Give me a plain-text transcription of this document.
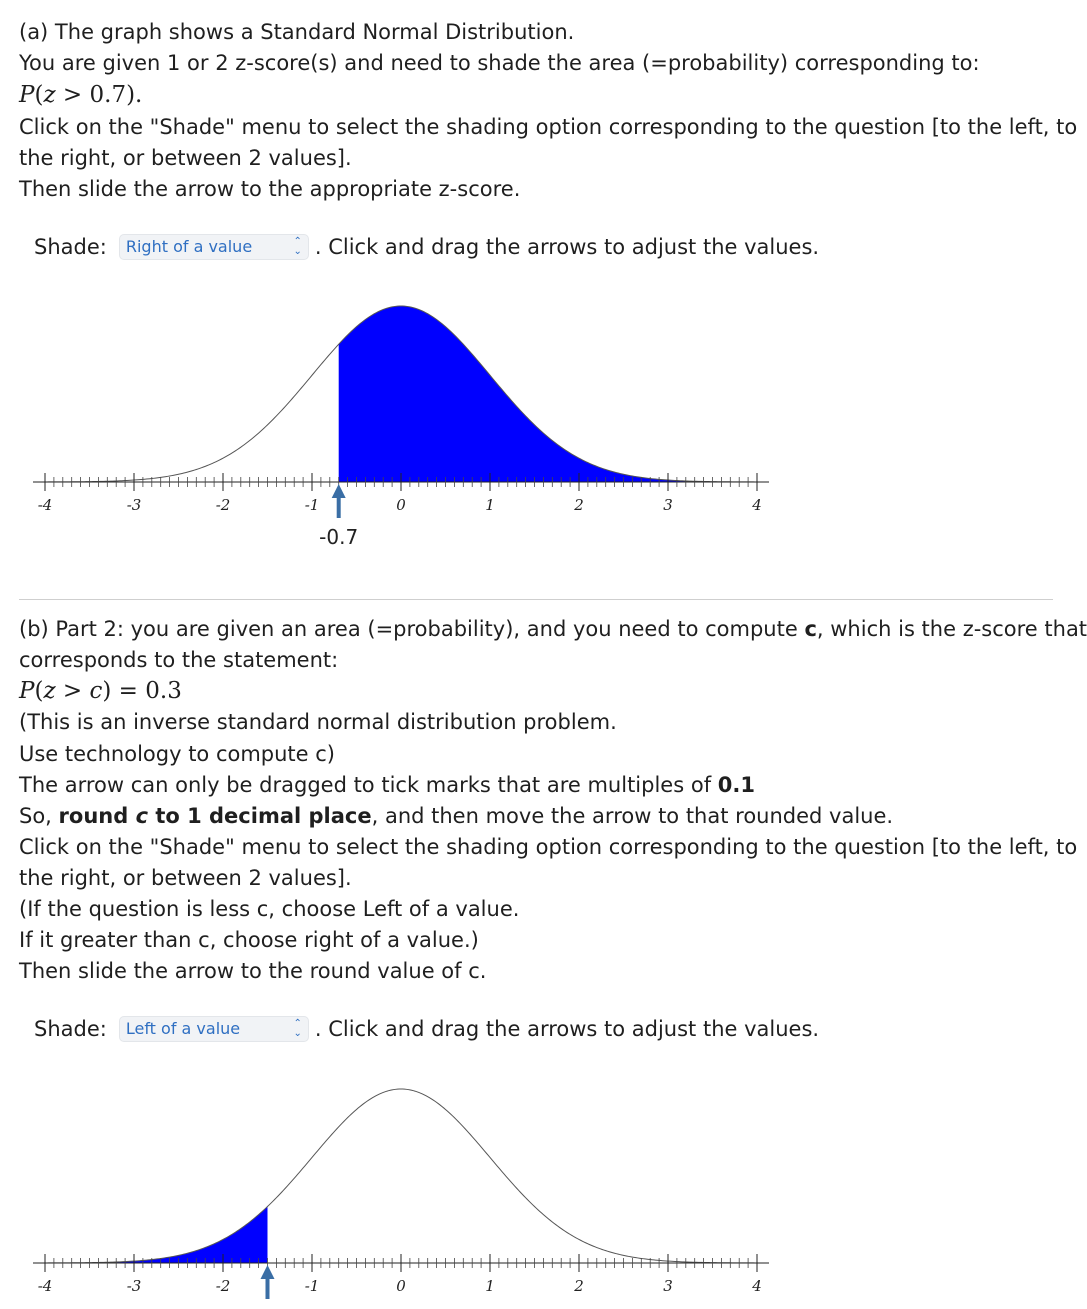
(a) The graph shows a Standard Normal Distribution.
You are given 1 or 2 z-score(s) and need to shade the area (=probability) corresponding to:
P(z > 0.7).
Click on the "Shade" menu to select the shading option corresponding to the question [to the left, to
the right, or between 2 values].
Then slide the arrow to the appropriate z-score.
Shade: Right of a value	⌃
⌄ . Click and drag the arrows to adjust the values.
-4	-3	-2	-1	0	1	2	3	4
-0.7
(b) Part 2: you are given an area (=probability), and you need to compute c, which is the z-score that
corresponds to the statement:
P(z > c) = 0.3
(This is an inverse standard normal distribution problem.
Use technology to compute c)
The arrow can only be dragged to tick marks that are multiples of 0.1
So, round c to 1 decimal place, and then move the arrow to that rounded value.
Click on the "Shade" menu to select the shading option corresponding to the question [to the left, to
the right, or between 2 values].
(If the question is less c, choose Left of a value.
If it greater than c, choose right of a value.)
Then slide the arrow to the round value of c.
Shade: Left of a value	⌃
⌄ . Click and drag the arrows to adjust the values.
-4	-3	-2	-1	0	1	2	3	4
